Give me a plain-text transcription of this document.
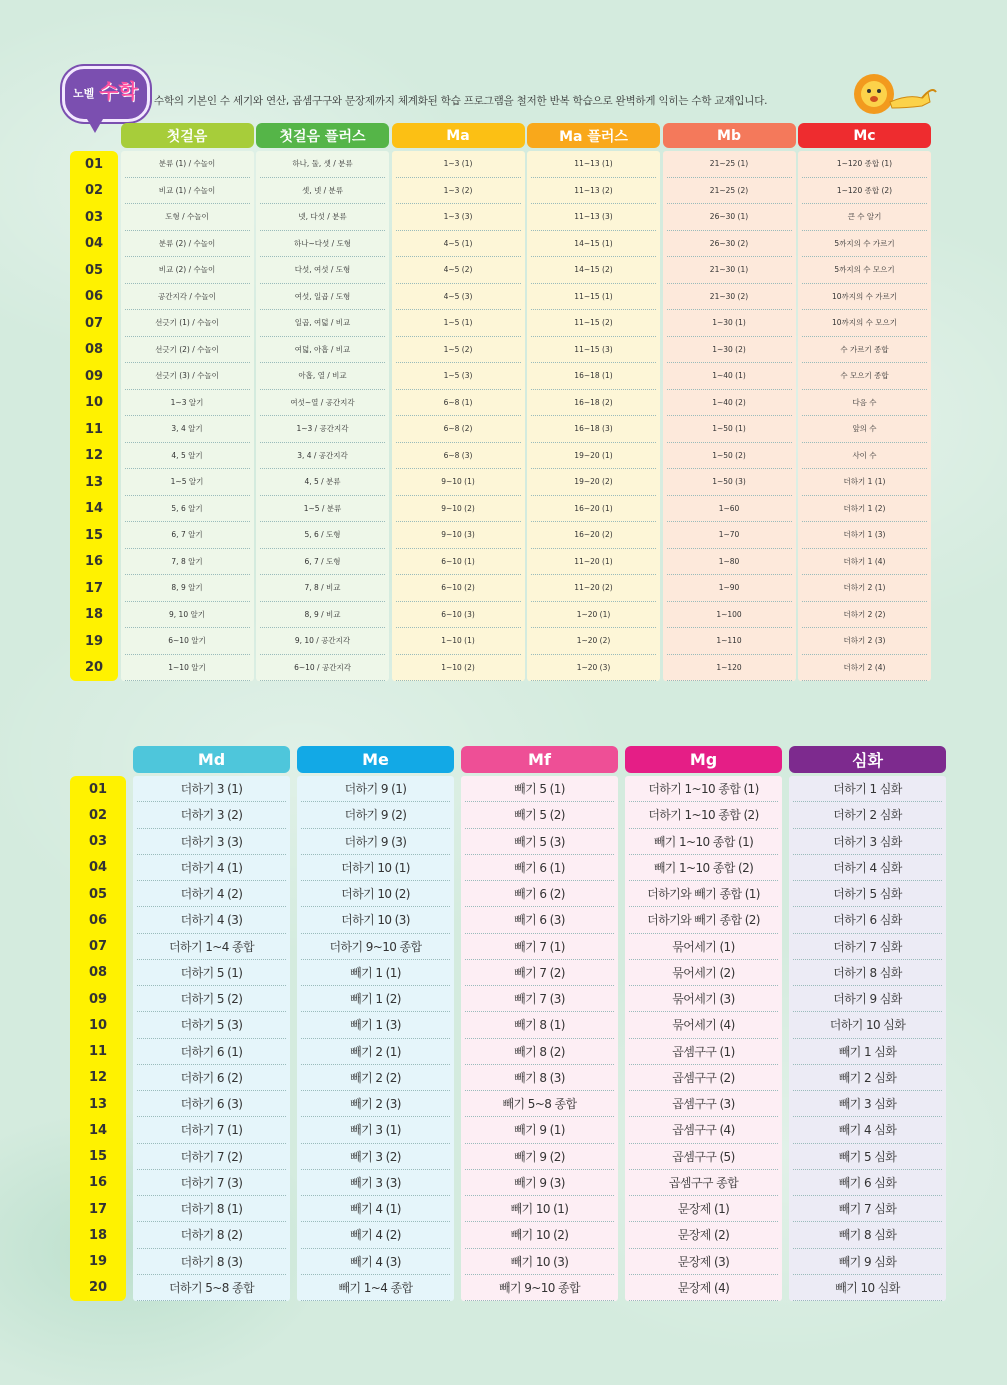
노벨 수학 수학의 기본인 수 세기와 연산, 곱셈구구와 문장제까지 체계화된 학습 프로그램을 철저한 반복 학습으로 완벽하게 익히는 수학 교재입니다.
첫걸음	첫걸음 플러스	Ma	Ma 플러스	Mb	Mc
01	분류 (1) / 수놀이	하나, 둘, 셋 / 분류	1~3 (1)	11~13 (1)	21~25 (1)	1~120 종합 (1)
02	비교 (1) / 수놀이	셋, 넷 / 분류	1~3 (2)	11~13 (2)	21~25 (2)	1~120 종합 (2)
03	도형 / 수놀이	넷, 다섯 / 분류	1~3 (3)	11~13 (3)	26~30 (1)	큰 수 알기
04	분류 (2) / 수놀이	하나~다섯 / 도형	4~5 (1)	14~15 (1)	26~30 (2)	5까지의 수 가르기
05	비교 (2) / 수놀이	다섯, 여섯 / 도형	4~5 (2)	14~15 (2)	21~30 (1)	5까지의 수 모으기
06	공간지각 / 수놀이	여섯, 일곱 / 도형	4~5 (3)	11~15 (1)	21~30 (2)	10까지의 수 가르기
07	선긋기 (1) / 수놀이	일곱, 여덟 / 비교	1~5 (1)	11~15 (2)	1~30 (1)	10까지의 수 모으기
08	선긋기 (2) / 수놀이	여덟, 아홉 / 비교	1~5 (2)	11~15 (3)	1~30 (2)	수 가르기 종합
09	선긋기 (3) / 수놀이	아홉, 열 / 비교	1~5 (3)	16~18 (1)	1~40 (1)	수 모으기 종합
10	1~3 알기	여섯~열 / 공간지각	6~8 (1)	16~18 (2)	1~40 (2)	다음 수
11	3, 4 알기	1~3 / 공간지각	6~8 (2)	16~18 (3)	1~50 (1)	앞의 수
12	4, 5 알기	3, 4 / 공간지각	6~8 (3)	19~20 (1)	1~50 (2)	사이 수
13	1~5 알기	4, 5 / 분류	9~10 (1)	19~20 (2)	1~50 (3)	더하기 1 (1)
14	5, 6 알기	1~5 / 분류	9~10 (2)	16~20 (1)	1~60	더하기 1 (2)
15	6, 7 알기	5, 6 / 도형	9~10 (3)	16~20 (2)	1~70	더하기 1 (3)
16	7, 8 알기	6, 7 / 도형	6~10 (1)	11~20 (1)	1~80	더하기 1 (4)
17	8, 9 알기	7, 8 / 비교	6~10 (2)	11~20 (2)	1~90	더하기 2 (1)
18	9, 10 알기	8, 9 / 비교	6~10 (3)	1~20 (1)	1~100	더하기 2 (2)
19	6~10 알기	9, 10 / 공간지각	1~10 (1)	1~20 (2)	1~110	더하기 2 (3)
20	1~10 알기	6~10 / 공간지각	1~10 (2)	1~20 (3)	1~120	더하기 2 (4)
Md	Me	Mf	Mg	심화
01	더하기 3 (1)	더하기 9 (1)	빼기 5 (1)	더하기 1~10 종합 (1)	더하기 1 심화
02	더하기 3 (2)	더하기 9 (2)	빼기 5 (2)	더하기 1~10 종합 (2)	더하기 2 심화
03	더하기 3 (3)	더하기 9 (3)	빼기 5 (3)	빼기 1~10 종합 (1)	더하기 3 심화
04	더하기 4 (1)	더하기 10 (1)	빼기 6 (1)	빼기 1~10 종합 (2)	더하기 4 심화
05	더하기 4 (2)	더하기 10 (2)	빼기 6 (2)	더하기와 빼기 종합 (1)	더하기 5 심화
06	더하기 4 (3)	더하기 10 (3)	빼기 6 (3)	더하기와 빼기 종합 (2)	더하기 6 심화
07	더하기 1~4 종합	더하기 9~10 종합	빼기 7 (1)	묶어세기 (1)	더하기 7 심화
08	더하기 5 (1)	빼기 1 (1)	빼기 7 (2)	묶어세기 (2)	더하기 8 심화
09	더하기 5 (2)	빼기 1 (2)	빼기 7 (3)	묶어세기 (3)	더하기 9 심화
10	더하기 5 (3)	빼기 1 (3)	빼기 8 (1)	묶어세기 (4)	더하기 10 심화
11	더하기 6 (1)	빼기 2 (1)	빼기 8 (2)	곱셈구구 (1)	빼기 1 심화
12	더하기 6 (2)	빼기 2 (2)	빼기 8 (3)	곱셈구구 (2)	빼기 2 심화
13	더하기 6 (3)	빼기 2 (3)	빼기 5~8 종합	곱셈구구 (3)	빼기 3 심화
14	더하기 7 (1)	빼기 3 (1)	빼기 9 (1)	곱셈구구 (4)	빼기 4 심화
15	더하기 7 (2)	빼기 3 (2)	빼기 9 (2)	곱셈구구 (5)	빼기 5 심화
16	더하기 7 (3)	빼기 3 (3)	빼기 9 (3)	곱셈구구 종합	빼기 6 심화
17	더하기 8 (1)	빼기 4 (1)	빼기 10 (1)	문장제 (1)	빼기 7 심화
18	더하기 8 (2)	빼기 4 (2)	빼기 10 (2)	문장제 (2)	빼기 8 심화
19	더하기 8 (3)	빼기 4 (3)	빼기 10 (3)	문장제 (3)	빼기 9 심화
20	더하기 5~8 종합	빼기 1~4 종합	빼기 9~10 종합	문장제 (4)	빼기 10 심화
